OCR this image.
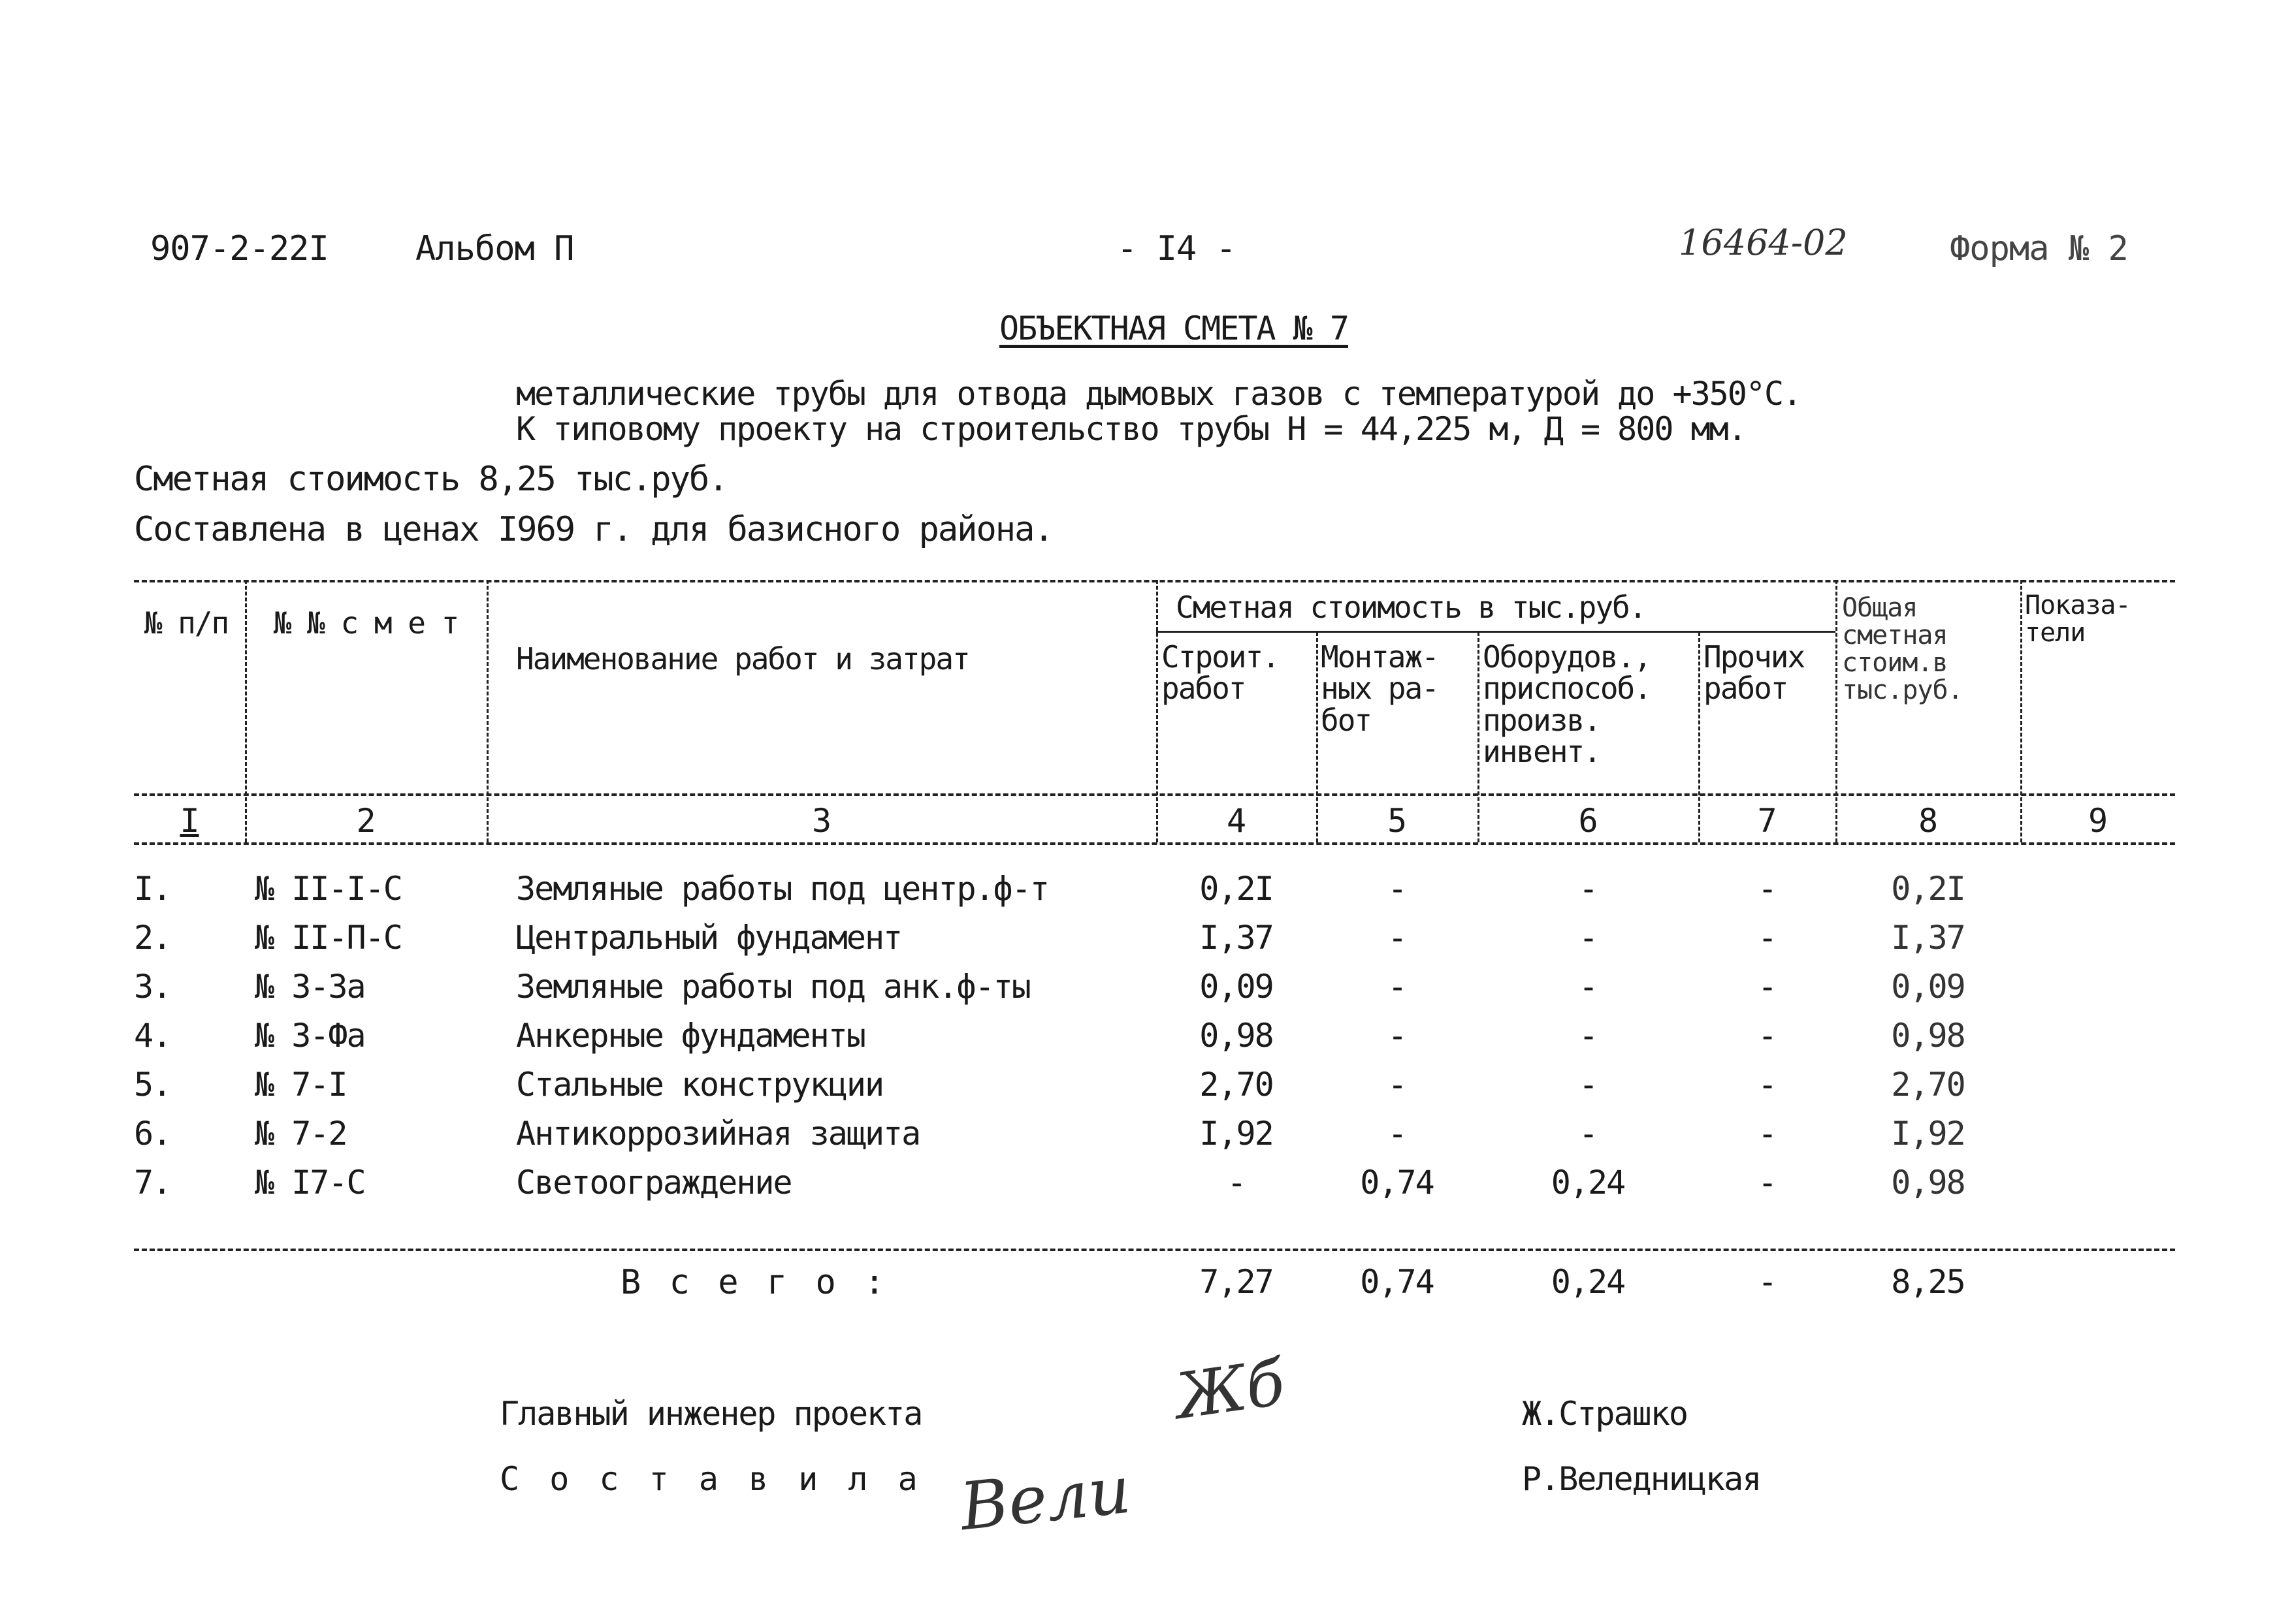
907-2-22I	Альбом П	- I4 -	16464-02	Форма № 2
ОБЪЕКТНАЯ СМЕТА № 7
металлические трубы для отвода дымовых газов с температурой до +350°С.
К типовому проекту на строительство трубы Н = 44,225 м, Д = 800 мм.
Сметная стоимость 8,25 тыс.руб.
Составлена в ценах I969 г. для базисного района.
№ п/п	№ № с м е т
Наименование работ и затрат
Сметная стоимость в тыс.руб.
Строит. работ
Монтаж-ных ра-бот
Оборудов., приспособ. произв. инвент.
Прочих работ
Общая сметная стоим.в тыс.руб.
Показа-тели
I	2	3	4	5	6	7	8	9
I.	№ II-I-С	Земляные работы под центр.ф-т	0,2I	-	-	-	0,2I
2.	№ II-П-С	Центральный фундамент	I,37	-	-	-	I,37
3.	№ 3-3а	Земляные работы под анк.ф-ты	0,09	-	-	-	0,09
4.	№ 3-Фа	Анкерные фундаменты	0,98	-	-	-	0,98
5.	№ 7-I	Стальные конструкции	2,70	-	-	-	2,70
6.	№ 7-2	Антикоррозийная защита	I,92	-	-	-	I,92
7.	№ I7-С	Светоограждение	-	0,74	0,24	-	0,98
В с е г о :	7,27	0,74	0,24	-	8,25
Главный инженер проекта	Жб	Ж.Страшко
С о с т а в и л а Вели	Р.Веледницкая
